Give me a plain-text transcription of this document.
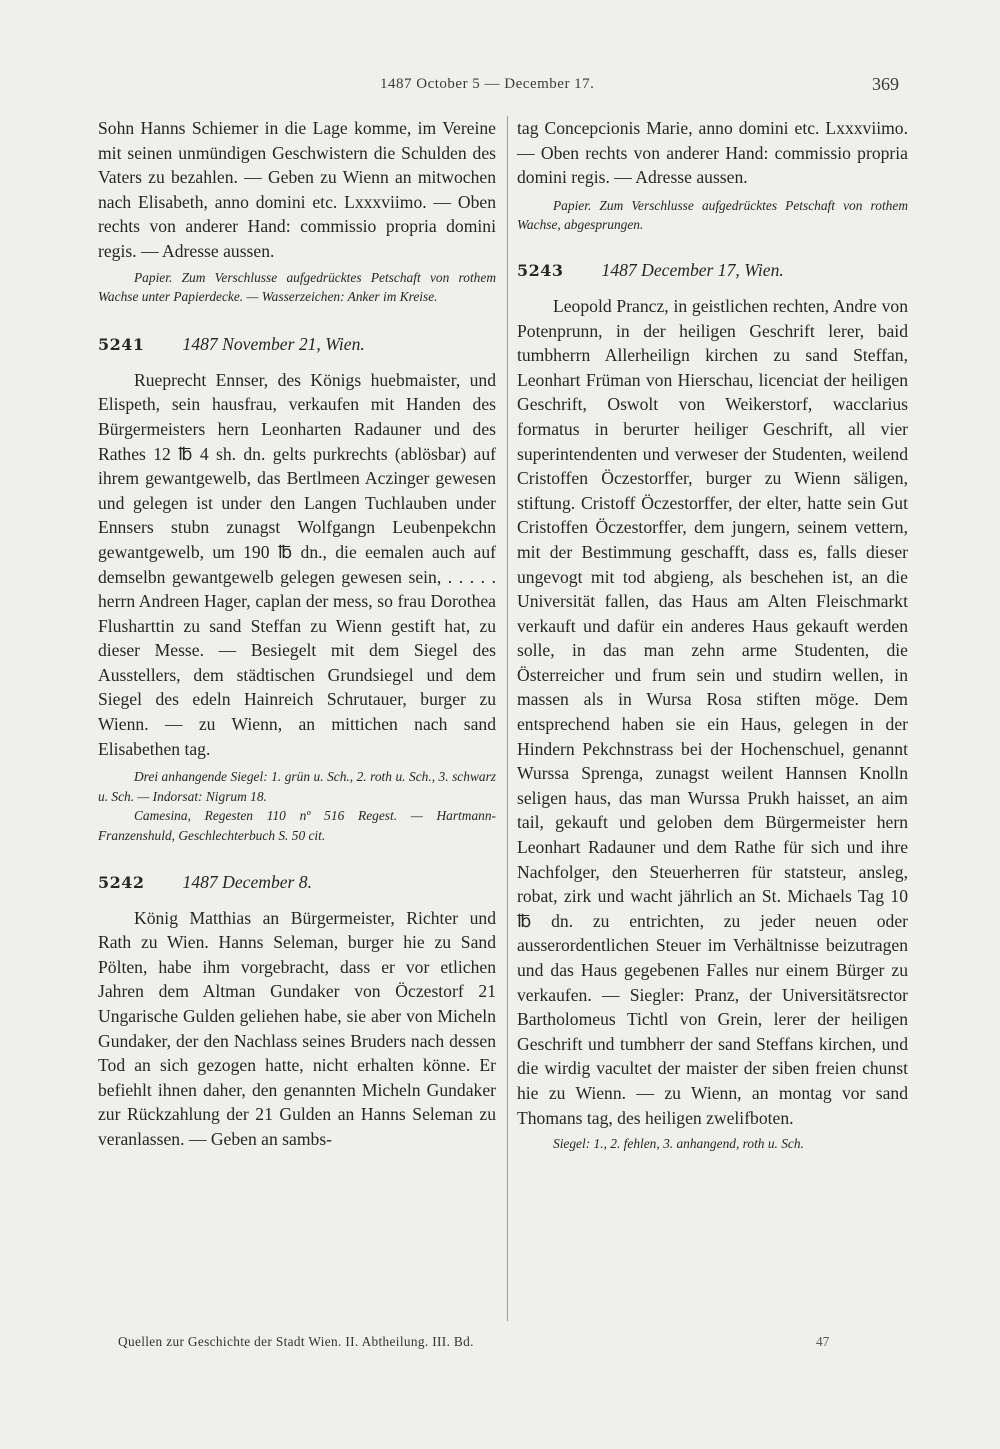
1487 October 5 — December 17.	369

Sohn Hanns Schiemer in die Lage komme, im Vereine mit seinen unmündigen Geschwistern die Schulden des Vaters zu bezahlen. — Geben zu Wienn an mitwochen nach Elisabeth, anno domini etc. Lxxxviimo. — Oben rechts von anderer Hand: commissio propria domini regis. — Adresse aussen.

Papier. Zum Verschlusse aufgedrücktes Petschaft von rothem Wachse unter Papierdecke. — Wasserzeichen: Anker im Kreise.

5241 1487 November 21, Wien.

Rueprecht Ennser, des Königs huebmaister, und Elispeth, sein hausfrau, verkaufen mit Handen des Bürgermeisters hern Leonharten Radauner und des Rathes 12 ℔ 4 sh. dn. gelts purkrechts (ablösbar) auf ihrem gewantgewelb, das Bertlmeen Aczinger gewesen und gelegen ist under den Langen Tuchlauben under Ennsers stubn zunagst Wolfgangn Leubenpekchn gewantgewelb, um 190 ℔ dn., die eemalen auch auf demselbn gewantgewelb gelegen gewesen sein, . . . . . herrn Andreen Hager, caplan der mess, so frau Dorothea Flusharttin zu sand Steffan zu Wienn gestift hat, zu dieser Messe. — Besiegelt mit dem Siegel des Ausstellers, dem städtischen Grundsiegel und dem Siegel des edeln Hainreich Schrutauer, burger zu Wienn. — zu Wienn, an mittichen nach sand Elisabethen tag.

Drei anhangende Siegel: 1. grün u. Sch., 2. roth u. Sch., 3. schwarz u. Sch. — Indorsat: Nigrum 18.

Camesina, Regesten 110 nº 516 Regest. — Hartmann-Franzenshuld, Geschlechterbuch S. 50 cit.

5242 1487 December 8.

König Matthias an Bürgermeister, Richter und Rath zu Wien. Hanns Seleman, burger hie zu Sand Pölten, habe ihm vorgebracht, dass er vor etlichen Jahren dem Altman Gundaker von Öczestorf 21 Ungarische Gulden geliehen habe, sie aber von Micheln Gundaker, der den Nachlass seines Bruders nach dessen Tod an sich gezogen hatte, nicht erhalten könne. Er befiehlt ihnen daher, den genannten Micheln Gundaker zur Rückzahlung der 21 Gulden an Hanns Seleman zu veranlassen. — Geben an sambs-

tag Concepcionis Marie, anno domini etc. Lxxxviimo. — Oben rechts von anderer Hand: commissio propria domini regis. — Adresse aussen.

Papier. Zum Verschlusse aufgedrücktes Petschaft von rothem Wachse, abgesprungen.

5243 1487 December 17, Wien.

Leopold Prancz, in geistlichen rechten, Andre von Potenprunn, in der heiligen Geschrift lerer, baid tumbherrn Allerheilign kirchen zu sand Steffan, Leonhart Früman von Hierschau, licenciat der heiligen Geschrift, Oswolt von Weikerstorf, wacclarius formatus in berurter heiliger Geschrift, all vier superintendenten und verweser der Studenten, weilend Cristoffen Öczestorffer, burger zu Wienn säligen, stiftung. Cristoff Öczestorffer, der elter, hatte sein Gut Cristoffen Öczestorffer, dem jungern, seinem vettern, mit der Bestimmung geschafft, dass es, falls dieser ungevogt mit tod abgieng, als beschehen ist, an die Universität fallen, das Haus am Alten Fleischmarkt verkauft und dafür ein anderes Haus gekauft werden solle, in das man zehn arme Studenten, die Österreicher und frum sein und studirn wellen, in massen als in Wursa Rosa stiften möge. Dem entsprechend haben sie ein Haus, gelegen in der Hindern Pekchnstrass bei der Hochenschuel, genannt Wurssa Sprenga, zunagst weilent Hannsen Knolln seligen haus, das man Wurssa Prukh haisset, an aim tail, gekauft und geloben dem Bürgermeister hern Leonhart Radauner und dem Rathe für sich und ihre Nachfolger, den Steuerherren für statsteur, ansleg, robat, zirk und wacht jährlich an St. Michaels Tag 10 ℔ dn. zu entrichten, zu jeder neuen oder ausserordentlichen Steuer im Verhältnisse beizutragen und das Haus gegebenen Falles nur einem Bürger zu verkaufen. — Siegler: Pranz, der Universitätsrector Bartholomeus Tichtl von Grein, lerer der heiligen Geschrift und tumbherr der sand Steffans kirchen, und die wirdig vacultet der maister der siben freien chunst hie zu Wienn. — zu Wienn, an montag vor sand Thomans tag, des heiligen zwelifboten.

Siegel: 1., 2. fehlen, 3. anhangend, roth u. Sch.

Quellen zur Geschichte der Stadt Wien. II. Abtheilung. III. Bd.	47
